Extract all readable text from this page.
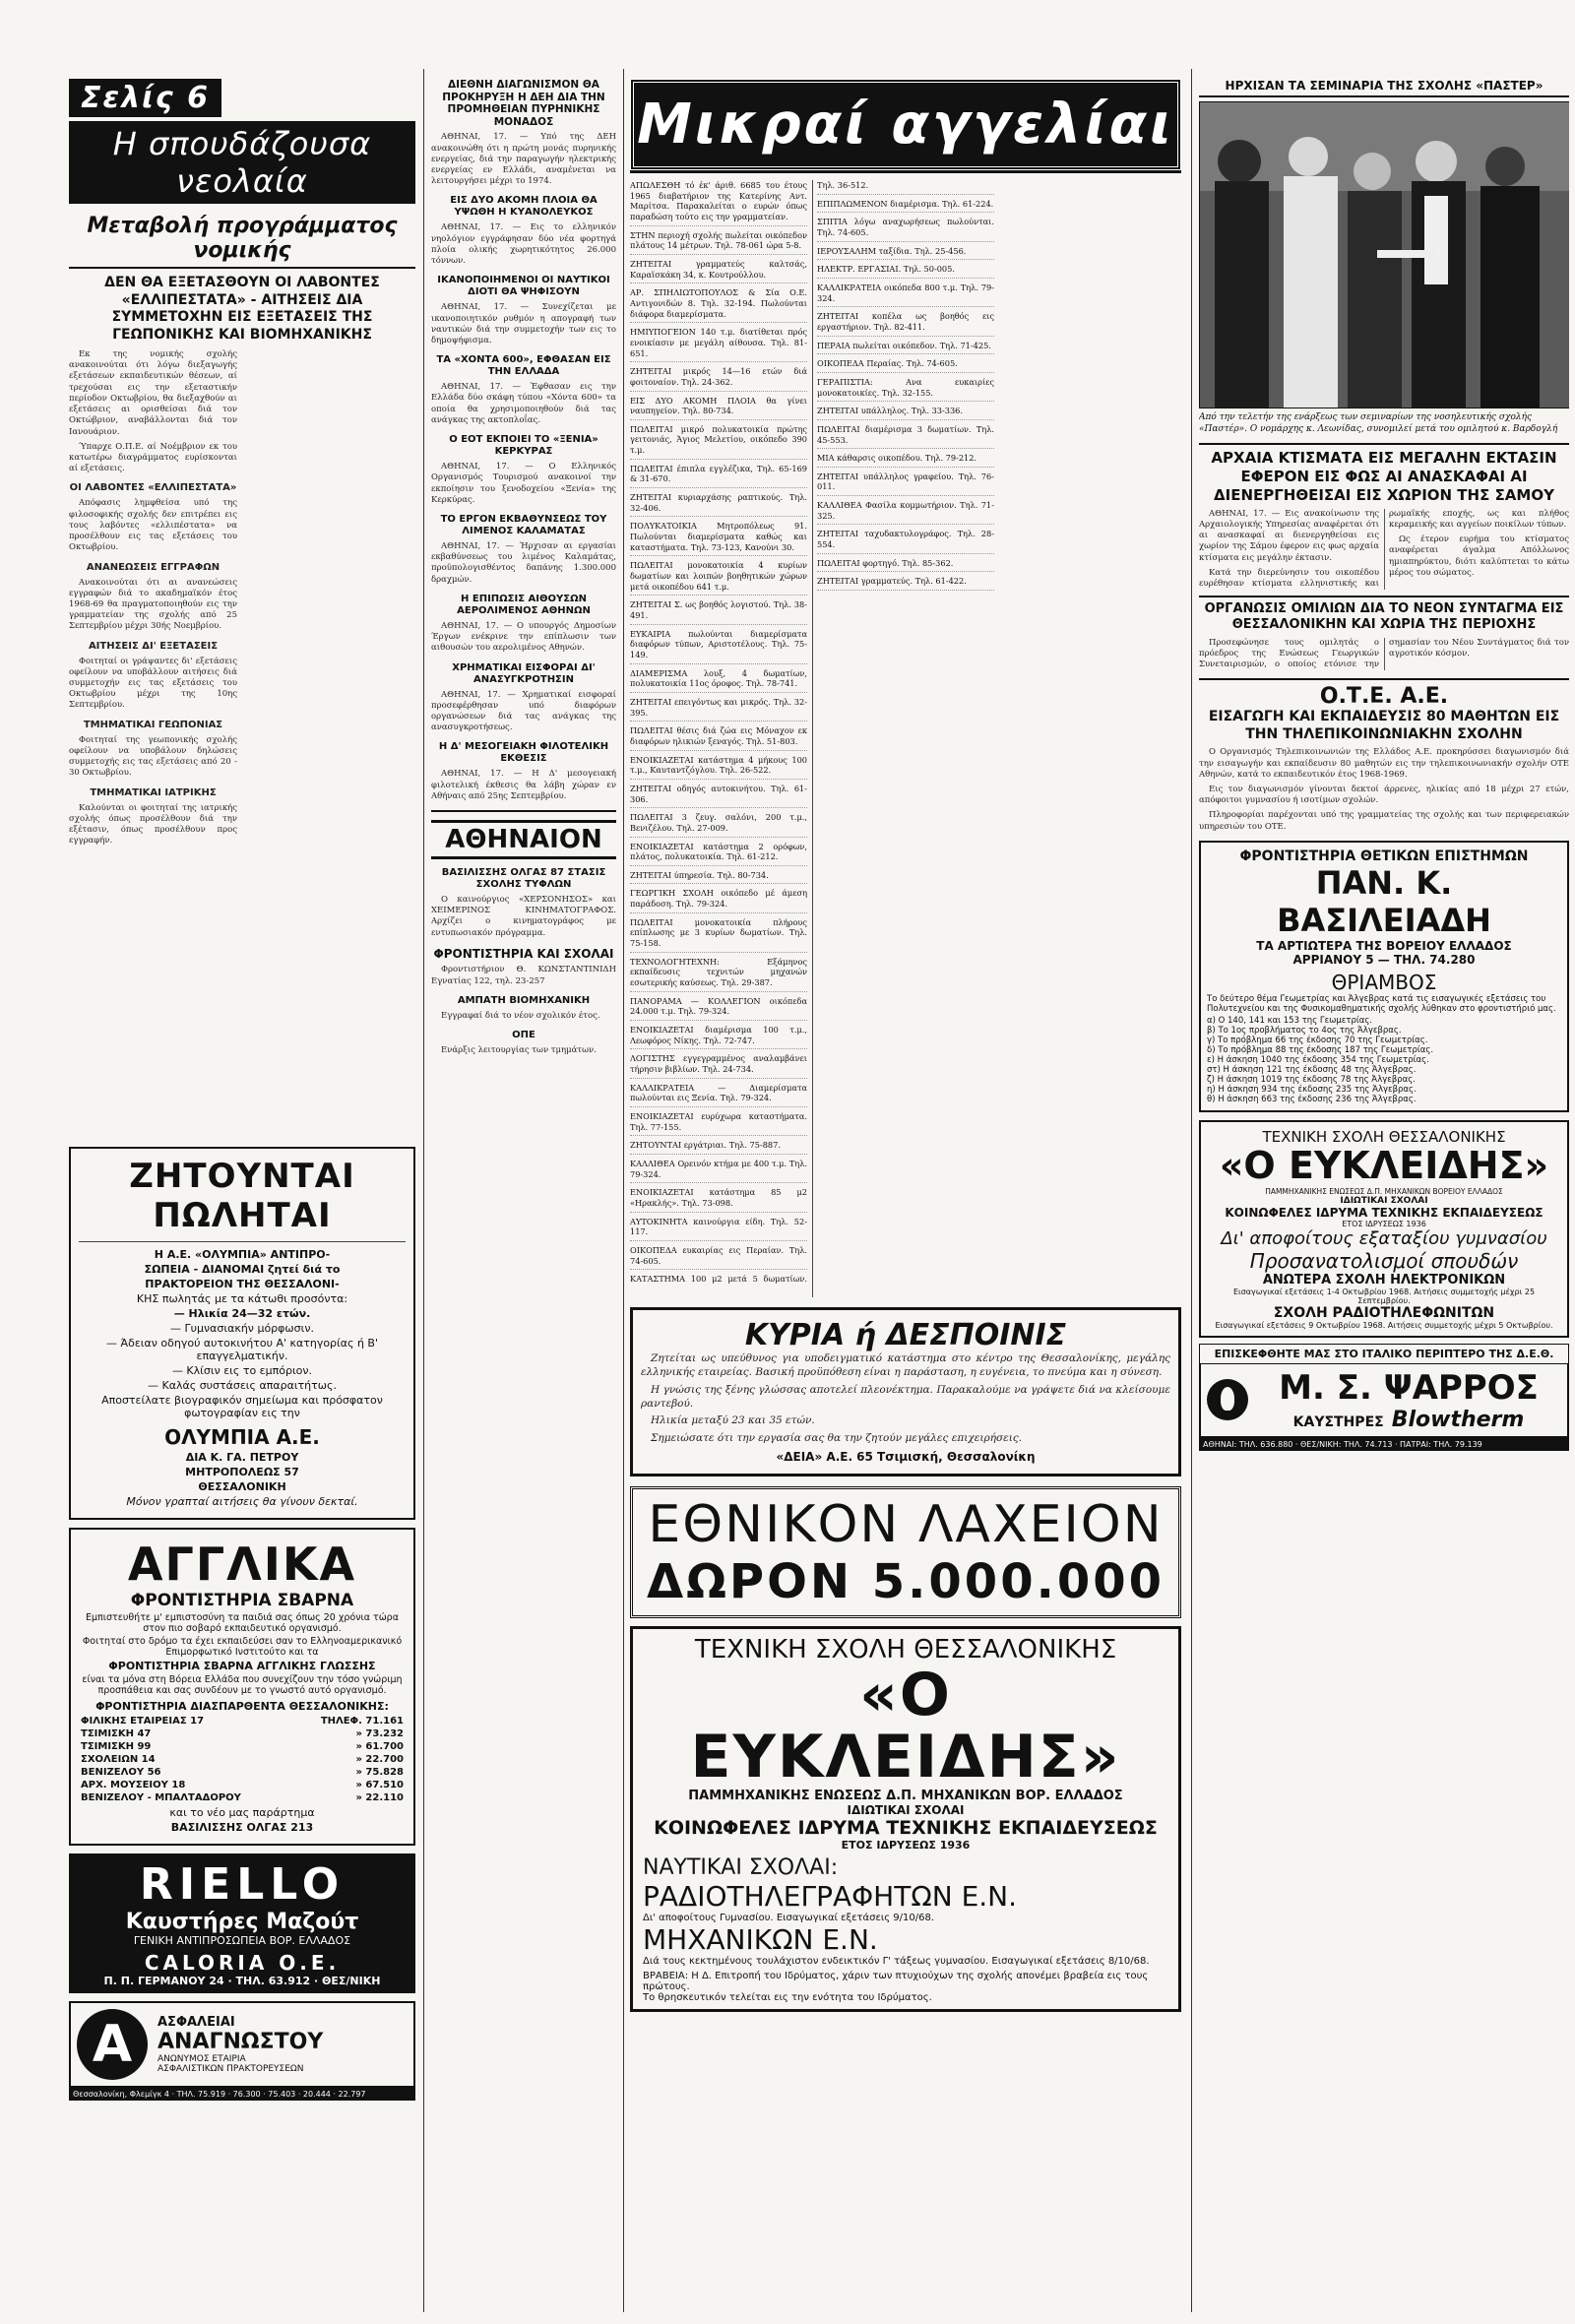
Σελίς 6
Η σπουδάζουσα νεολαία
Μεταβολή προγράμματος νομικής
ΔΕΝ ΘΑ ΕΞΕΤΑΣΘΟΥΝ ΟΙ ΛΑΒΟΝΤΕΣ «ΕΛΛΙΠΕΣΤΑΤΑ» - ΑΙΤΗΣΕΙΣ ΔΙΑ ΣΥΜΜΕΤΟΧΗΝ ΕΙΣ ΕΞΕΤΑΣΕΙΣ ΤΗΣ ΓΕΩΠΟΝΙΚΗΣ ΚΑΙ ΒΙΟΜΗΧΑΝΙΚΗΣ

Εκ της νομικής σχολής ανακοινούται ότι λόγω διεξαγωγής εξετάσεων εκπαιδευτικών θέσεων, αί τρεχούσαι εις την εξεταστικήν περίοδον Οκτωβρίου, θα διεξαχθούν αι εξετάσεις αι ορισθείσαι διά τον Οκτώβριον, αναβάλλονται διά τον Ιανουάριον.

Ύπαρχε Ο.Π.Ε. αί Νοέμβριον εκ του κατωτέρω διαγράμματος ευρίσκονται αί εξετάσεις.

ΟΙ ΛΑΒΟΝΤΕΣ «ΕΛΛΙΠΕΣΤΑΤΑ»

Απόφασις λημφθείσα υπό της φιλοσοφικής σχολής δεν επιτρέπει εις τους λαβόντες «ελλιπέστατα» να προσέλθουν εις τας εξετάσεις του Οκτωβρίου.

ΑΝΑΝΕΩΣΕΙΣ ΕΓΓΡΑΦΩΝ

Ανακοινούται ότι αι ανανεώσεις εγγραφών διά το ακαδημαϊκόν έτος 1968-69 θα πραγματοποιηθούν εις την γραμματείαν της σχολής από 25 Σεπτεμβρίου μέχρι 30ής Νοεμβρίου.

ΑΙΤΗΣΕΙΣ ΔΙ' ΕΞΕΤΑΣΕΙΣ

Φοιτηταί οι γράψαντες δι' εξετάσεις οφείλουν να υποβάλλουν αιτήσεις διά συμμετοχήν εις τας εξετάσεις του Οκτωβρίου μέχρι της 10ης Σεπτεμβρίου.

ΤΜΗΜΑΤΙΚΑΙ ΓΕΩΠΟΝΙΑΣ

Φοιτηταί της γεωπονικής σχολής οφείλουν να υποβάλουν δηλώσεις συμμετοχής εις τας εξετάσεις από 20 - 30 Οκτωβρίου.

ΤΜΗΜΑΤΙΚΑΙ ΙΑΤΡΙΚΗΣ

Καλούνται οι φοιτηταί της ιατρικής σχολής όπως προσέλθουν διά την εξέτασιν, όπως προσέλθουν προς εγγραφήν.

ΖΗΤΟΥΝΤΑΙ ΠΩΛΗΤΑΙ
Η Α.Ε. «ΟΛΥΜΠΙΑ» ΑΝΤΙΠΡΟ-
ΣΩΠΕΙΑ - ΔΙΑΝΟΜΑΙ ζητεί διά το
ΠΡΑΚΤΟΡΕΙΟΝ ΤΗΣ ΘΕΣΣΑΛΟΝΙ-
ΚΗΣ πωλητάς με τα κάτωθι προσόντα:
— Ηλικία 24—32 ετών.
— Γυμνασιακήν μόρφωσιν.
— Άδειαν οδηγού αυτοκινήτου Α' κατηγορίας ή Β' επαγγελματικήν.
— Κλίσιν εις το εμπόριον.
— Καλάς συστάσεις απαραιτήτως.
Αποστείλατε βιογραφικόν σημείωμα και πρόσφατον φωτογραφίαν εις την
ΟΛΥΜΠΙΑ Α.Ε.
ΔΙΑ Κ. ΓΑ. ΠΕΤΡΟΥ
ΜΗΤΡΟΠΟΛΕΩΣ 57
ΘΕΣΣΑΛΟΝΙΚΗ
Μόνον γραπταί αιτήσεις θα γίνουν δεκταί.
ΑΓΓΛΙΚΑ
ΦΡΟΝΤΙΣΤΗΡΙΑ ΣΒΑΡΝΑ
Εμπιστευθήτε μ' εμπιστοσύνη τα παιδιά σας όπως 20 χρόνια τώρα στον πιο σοβαρό εκπαιδευτικό οργανισμό.
Φοιτηταί στο δρόμο τα έχει εκπαιδεύσει σαν το Ελληνοαμερικανικό Επιμορφωτικό Ινστιτούτο και τα
ΦΡΟΝΤΙΣΤΗΡΙΑ ΣΒΑΡΝΑ ΑΓΓΛΙΚΗΣ ΓΛΩΣΣΗΣ
είναι τα μόνα στη Βόρεια Ελλάδα που συνεχίζουν την τόσο γνώριμη προσπάθεια και σας συνδέουν με το γνωστό αυτό οργανισμό.
ΦΡΟΝΤΙΣΤΗΡΙΑ ΔΙΑΣΠΑΡΘΕΝΤΑ ΘΕΣΣΑΛΟΝΙΚΗΣ:
ΦΙΛΙΚΗΣ ΕΤΑΙΡΕΙΑΣ 17	ΤΗΛΕΦ. 71.161
ΤΣΙΜΙΣΚΗ 47	» 73.232
ΤΣΙΜΙΣΚΗ 99	» 61.700
ΣΧΟΛΕΙΩΝ 14	» 22.700
ΒΕΝΙΖΕΛΟΥ 56	» 75.828
ΑΡΧ. ΜΟΥΣΕΙΟΥ 18	» 67.510
ΒΕΝΙΖΕΛΟΥ - ΜΠΑΛΤΑΔΟΡΟΥ	» 22.110
και το νέο μας παράρτημα
ΒΑΣΙΛΙΣΣΗΣ ΟΛΓΑΣ 213
RIELLO
Καυστήρες Μαζούτ
ΓΕΝΙΚΗ ΑΝΤΙΠΡΟΣΩΠΕΙΑ ΒΟΡ. ΕΛΛΑΔΟΣ
CALORIA Ο.Ε.
Π. Π. ΓΕΡΜΑΝΟΥ 24 · ΤΗΛ. 63.912 · ΘΕΣ/ΝΙΚΗ
Α	ΑΣΦΑΛΕΙΑΙ
ΑΝΑΓΝΩΣΤΟΥ
ΑΝΩΝΥΜΟΣ ΕΤΑΙΡΙΑ
ΑΣΦΑΛΙΣΤΙΚΩΝ ΠΡΑΚΤΟΡΕΥΣΕΩΝ
Θεσσαλονίκη, Φλεμίγκ 4 · ΤΗΛ. 75.919 · 76.300 · 75.403 · 20.444 · 22.797
ΔΙΕΘΝΗ ΔΙΑΓΩΝΙΣΜΟΝ ΘΑ ΠΡΟΚΗΡΥΞΗ Η ΔΕΗ ΔΙΑ ΤΗΝ ΠΡΟΜΗΘΕΙΑΝ ΠΥΡΗΝΙΚΗΣ ΜΟΝΑΔΟΣ

ΑΘΗΝΑΙ, 17. — Υπό της ΔΕΗ ανακοινώθη ότι η πρώτη μονάς πυρηνικής ενεργείας, διά την παραγωγήν ηλεκτρικής ενεργείας εν Ελλάδι, αναμένεται να λειτουργήσει μέχρι το 1974.

ΕΙΣ ΔΥΟ ΑΚΟΜΗ ΠΛΟΙΑ ΘΑ ΥΨΩΘΗ Η ΚΥΑΝΟΛΕΥΚΟΣ

ΑΘΗΝΑΙ, 17. — Εις το ελληνικόν νηολόγιον εγγράφησαν δύο νέα φορτηγά πλοία ολικής χωρητικότητος 26.000 τόννων.

ΙΚΑΝΟΠΟΙΗΜΕΝΟΙ ΟΙ ΝΑΥΤΙΚΟΙ ΔΙΟΤΙ ΘΑ ΨΗΦΙΣΟΥΝ

ΑΘΗΝΑΙ, 17. — Συνεχίζεται με ικανοποιητικόν ρυθμόν η απογραφή των ναυτικών διά την συμμετοχήν των εις το δημοψήφισμα.

ΤΑ «ΧΟΝΤΑ 600», ΕΦΘΑΣΑΝ ΕΙΣ ΤΗΝ ΕΛΛΑΔΑ

ΑΘΗΝΑΙ, 17. — Έφθασαν εις την Ελλάδα δύο σκάφη τύπου «Χόντα 600» τα οποία θα χρησιμοποιηθούν διά τας ανάγκας της ακτοπλοΐας.

Ο ΕΟΤ ΕΚΠΟΙΕΙ ΤΟ «ΞΕΝΙΑ» ΚΕΡΚΥΡΑΣ

ΑΘΗΝΑΙ, 17. — Ο Ελληνικός Οργανισμός Τουρισμού ανακοινοί την εκποίησιν του ξενοδοχείου «Ξενία» της Κερκύρας.

ΤΟ ΕΡΓΟΝ ΕΚΒΑΘΥΝΣΕΩΣ ΤΟΥ ΛΙΜΕΝΟΣ ΚΑΛΑΜΑΤΑΣ

ΑΘΗΝΑΙ, 17. — Ήρχισαν αι εργασίαι εκβαθύνσεως του λιμένος Καλαμάτας, προϋπολογισθέντος δαπάνης 1.300.000 δραχμών.

Η ΕΠΙΠΩΣΙΣ ΑΙΘΟΥΣΩΝ ΑΕΡΟΛΙΜΕΝΟΣ ΑΘΗΝΩΝ

ΑΘΗΝΑΙ, 17. — Ο υπουργός Δημοσίων Έργων ενέκρινε την επίπλωσιν των αιθουσών του αερολιμένος Αθηνών.

ΧΡΗΜΑΤΙΚΑΙ ΕΙΣΦΟΡΑΙ ΔΙ' ΑΝΑΣΥΓΚΡΟΤΗΣΙΝ

ΑΘΗΝΑΙ, 17. — Χρηματικαί εισφοραί προσεφέρθησαν υπό διαφόρων οργανώσεων διά τας ανάγκας της ανασυγκροτήσεως.

Η Δ' ΜΕΣΟΓΕΙΑΚΗ ΦΙΛΟΤΕΛΙΚΗ ΕΚΘΕΣΙΣ

ΑΘΗΝΑΙ, 17. — Η Δ' μεσογειακή φιλοτελική έκθεσις θα λάβη χώραν εν Αθήναις από 25ης Σεπτεμβρίου.

ΑΘΗΝΑΙΟΝ
ΒΑΣΙΛΙΣΣΗΣ ΟΛΓΑΣ 87 ΣΤΑΣΙΣ ΣΧΟΛΗΣ ΤΥΦΛΩΝ

Ο καινούργιος «ΧΕΡΣΟΝΗΣΟΣ» και ΧΕΙΜΕΡΙΝΟΣ ΚΙΝΗΜΑΤΟΓΡΑΦΟΣ. Αρχίζει ο κινηματογράφος με εντυπωσιακόν πρόγραμμα.

ΦΡΟΝΤΙΣΤΗΡΙΑ ΚΑΙ ΣΧΟΛΑΙ

Φροντιστήριον Θ. ΚΩΝΣΤΑΝΤΙΝΙΔΗ Εγνατίας 122, τηλ. 23-257

ΑΜΠΑΤΗ ΒΙΟΜΗΧΑΝΙΚΗ

Εγγραφαί διά το νέον σχολικόν έτος.

ΟΠΕ

Ενάρξις λειτουργίας των τμημάτων.

Μικραί αγγελίαι
ΑΠΩΛΕΣΘΗ τό έκ' άριθ. 6685 του έτους 1965 διαβατήριον της Κατερίνης Αντ. Μαρίτσα. Παρακαλείται ο ευρών όπως παραδώση τούτο εις την γραμματείαν.
ΣΤΗΝ περιοχή σχολής πωλείται οικόπεδον πλάτους 14 μέτρων. Τηλ. 78-061 ώρα 5-8.
ΖΗΤΕΙΤΑΙ γραμματεύς καλτσάς, Καραϊσκάκη 34, κ. Κουτρούλλου.
ΑΡ. ΣΠΗΛΙΩΤΟΠΟΥΛΟΣ & Σία Ο.Ε. Αντιγονιδών 8. Τηλ. 32-194. Πωλούνται διάφορα διαμερίσματα.
ΗΜΙΥΠΟΓΕΙΟΝ 140 τ.μ. διατίθεται πρός ενοικίασιν με μεγάλη αίθουσα. Τηλ. 81-651.
ΖΗΤΕΙΤΑΙ μικρός 14—16 ετών διά φοιτοναίον. Τηλ. 24-362.
ΕΙΣ ΔΥΟ ΑΚΟΜΗ ΠΛΟΙΑ θα γίνει ναυπηγείον. Τηλ. 80-734.
ΠΩΛΕΙΤΑΙ μικρό πολυκατοικία πρώτης γειτονιάς, Άγιος Μελετίου, οικόπεδο 390 τ.μ.
ΠΩΛΕΙΤΑΙ έπιπλα εγγλέζικα, Τηλ. 65-169 & 31-670.
ΖΗΤΕΙΤΑΙ κυριαρχάσης ραπτικούς. Τηλ. 32-406.
ΠΟΛΥΚΑΤΟΙΚΙΑ Μητροπόλεως 91. Πωλούνται διαμερίσματα καθώς και καταστήματα. Τηλ. 73-123, Κανούνι 30.
ΠΩΛΕΙΤΑΙ μονοκατοικία 4 κυρίων δωματίων και λοιπών βοηθητικών χώρων μετά οικοπέδου 641 τ.μ.
ΖΗΤΕΙΤΑΙ Σ. ως βοηθός λογιστού. Τηλ. 38-491.
ΕΥΚΑΙΡΙΑ πωλούνται διαμερίσματα διαφόρων τύπων, Αριστοτέλους. Τηλ. 75-149.
ΔΙΑΜΕΡΙΣΜΑ λουξ, 4 δωματίων, πολυκατοικία 11ος όροφος. Τηλ. 78-741.
ΖΗΤΕΙΤΑΙ επειγόντως και μικρός. Τηλ. 32-395.
ΠΩΛΕΙΤΑΙ θέσις διά ζώα εις Μόναχον εκ διαφόρων ηλικιών ξεναγός. Τηλ. 51-803.
ΕΝΟΙΚΙΑΖΕΤΑΙ κατάστημα 4 μήκους 100 τ.μ., Καυταντζόγλου. Τηλ. 26-522.
ΖΗΤΕΙΤΑΙ οδηγός αυτοκινήτου. Τηλ. 61-306.
ΠΩΛΕΙΤΑΙ 3 ζευγ. σαλόνι, 200 τ.μ., Βενιζέλου. Τηλ. 27-009.
ΕΝΟΙΚΙΑΖΕΤΑΙ κατάστημα 2 ορόφων, πλάτος, πολυκατοικία. Τηλ. 61-212.
ΖΗΤΕΙΤΑΙ ύπηρεσία. Τηλ. 80-734.
ΓΕΩΡΓΙΚΗ ΣΧΟΛΗ οικόπεδο μέ άμεση παράδοση. Τηλ. 79-324.
ΠΩΛΕΙΤΑΙ μονοκατοικία πλήρους επίπλωσης με 3 κυρίων δωματίων. Τηλ. 75-158.
ΤΕΧΝΟΛΟΓΗΤΕΧΝΗ: Εξάμηνος εκπαίδευσις τεχνιτών μηχανών εσωτερικής καύσεως. Τηλ. 29-387.
ΠΑΝΟΡΑΜΑ — ΚΟΛΛΕΓΙΟΝ οικόπεδα 24.000 τ.μ. Τηλ. 79-324.
ΕΝΟΙΚΙΑΖΕΤΑΙ διαμέρισμα 100 τ.μ., Λεωφόρος Νίκης. Τηλ. 72-747.
ΛΟΓΙΣΤΗΣ εγγεγραμμένος αναλαμβάνει τήρησιν βιβλίων. Τηλ. 24-734.
ΚΑΛΛΙΚΡΑΤΕΙΑ — Διαμερίσματα πωλούνται εις Ξενία. Τηλ. 79-324.
ΕΝΟΙΚΙΑΖΕΤΑΙ ευρύχωρα καταστήματα. Τηλ. 77-155.
ΖΗΤΟΥΝΤΑΙ εργάτριαι. Τηλ. 75-887.
ΚΑΛΛΙΘΕΑ Ορεινόν κτήμα με 400 τ.μ. Τηλ. 79-324.
ΕΝΟΙΚΙΑΖΕΤΑΙ κατάστημα 85 μ2 «Ηρακλής». Τηλ. 73-098.
ΑΥΤΟΚΙΝΗΤΑ καινούργια είδη. Τηλ. 52-117.
ΟΙΚΟΠΕΔΑ ευκαιρίας εις Περαίαν. Τηλ. 74-605.
ΚΑΤΑΣΤΗΜΑ 100 μ2 μετά 5 δωματίων. Τηλ. 36-512.
ΕΠΙΠΛΩΜΕΝΟΝ διαμέρισμα. Τηλ. 61-224.
ΣΠΙΤΙΑ λόγω αναχωρήσεως πωλούνται. Τηλ. 74-605.
ΙΕΡΟΥΣΑΛΗΜ ταξίδια. Τηλ. 25-456.
ΗΛΕΚΤΡ. ΕΡΓΑΣΙΑΙ. Τηλ. 50-005.
ΚΑΛΛΙΚΡΑΤΕΙΑ οικόπεδα 800 τ.μ. Τηλ. 79-324.
ΖΗΤΕΙΤΑΙ κοπέλα ως βοηθός εις εργαστήριον. Τηλ. 82-411.
ΠΕΡΑΙΑ πωλείται οικόπεδον. Τηλ. 71-425.
ΟΙΚΟΠΕΔΑ Περαίας. Τηλ. 74-605.
ΓΕΡΑΠΙΣΤΙΑ: Ανα ευκαιρίες μονοκατοικίες. Τηλ. 32-155.
ΖΗΤΕΙΤΑΙ υπάλληλος. Τηλ. 33-336.
ΠΩΛΕΙΤΑΙ διαμέρισμα 3 δωματίων. Τηλ. 45-553.
ΜΙΑ κάθαρσις οικοπέδου. Τηλ. 79-212.
ΖΗΤΕΙΤΑΙ υπάλληλος γραφείου. Τηλ. 76-011.
ΚΑΛΛΙΘΕΑ Φασίλα κομμωτήριον. Τηλ. 71-325.
ΖΗΤΕΙΤΑΙ ταχυδακτυλογράφος. Τηλ. 28-554.
ΠΩΛΕΙΤΑΙ φορτηγό. Τηλ. 85-362.
ΖΗΤΕΙΤΑΙ γραμματεύς. Τηλ. 61-422.
ΚΥΡΙΑ ή ΔΕΣΠΟΙΝΙΣ

Ζητείται ως υπεύθυνος για υποδειγματικό κατάστημα στο κέντρο της Θεσσαλονίκης, μεγάλης ελληνικής εταιρείας. Βασική προϋπόθεση είναι η παράσταση, η ευγένεια, το πνεύμα και η σύνεση.

Η γνώσις της ξένης γλώσσας αποτελεί πλεονέκτημα. Παρακαλούμε να γράψετε διά να κλείσουμε ραντεβού.

Ηλικία μεταξύ 23 και 35 ετών.

Σημειώσατε ότι την εργασία σας θα την ζητούν μεγάλες επιχειρήσεις.

«ΔΕΙΑ» Α.Ε. 65 Τσιμισκή, Θεσσαλονίκη
ΕΘΝΙΚΟΝ ΛΑΧΕΙΟΝ
ΔΩΡΟΝ 5.000.000
ΤΕΧΝΙΚΗ ΣΧΟΛΗ ΘΕΣΣΑΛΟΝΙΚΗΣ
«Ο ΕΥΚΛΕΙΔΗΣ»
ΠΑΜΜΗΧΑΝΙΚΗΣ ΕΝΩΣΕΩΣ Δ.Π. ΜΗΧΑΝΙΚΩΝ ΒΟΡ. ΕΛΛΑΔΟΣ
ΙΔΙΩΤΙΚΑΙ ΣΧΟΛΑΙ
ΚΟΙΝΩΦΕΛΕΣ ΙΔΡΥΜΑ ΤΕΧΝΙΚΗΣ ΕΚΠΑΙΔΕΥΣΕΩΣ
ΕΤΟΣ ΙΔΡΥΣΕΩΣ 1936
ΝΑΥΤΙΚΑΙ ΣΧΟΛΑΙ:
ΡΑΔΙΟΤΗΛΕΓΡΑΦΗΤΩΝ Ε.Ν.
Δι' αποφοίτους Γυμνασίου. Εισαγωγικαί εξετάσεις 9/10/68.
ΜΗΧΑΝΙΚΩΝ Ε.Ν.
Διά τους κεκτημένους τουλάχιστον ενδεικτικόν Γ' τάξεως γυμνασίου. Εισαγωγικαί εξετάσεις 8/10/68.
ΒΡΑΒΕΙΑ: Η Δ. Επιτροπή του Ιδρύματος, χάριν των πτυχιούχων της σχολής απονέμει βραβεία εις τους πρώτους.
Το θρησκευτικόν τελείται εις την ενότητα του Ιδρύματος.
ΗΡΧΙΣΑΝ ΤΑ ΣΕΜΙΝΑΡΙΑ ΤΗΣ ΣΧΟΛΗΣ «ΠΑΣΤΕΡ»
Από την τελετήν της ενάρξεως των σεμιναρίων της νοσηλευτικής σχολής «Παστέρ». Ο νομάρχης κ. Λεωνίδας, συνομιλεί μετά του ομιλητού κ. Βαρδογλή
ΑΡΧΑΙΑ ΚΤΙΣΜΑΤΑ ΕΙΣ ΜΕΓΑΛΗΝ ΕΚΤΑΣΙΝ ΕΦΕΡΟΝ ΕΙΣ ΦΩΣ ΑΙ ΑΝΑΣΚΑΦΑΙ ΑΙ ΔΙΕΝΕΡΓΗΘΕΙΣΑΙ ΕΙΣ ΧΩΡΙΟΝ ΤΗΣ ΣΑΜΟΥ

ΑΘΗΝΑΙ, 17. — Εις ανακοίνωσιν της Αρχαιολογικής Υπηρεσίας αναφέρεται ότι αι ανασκαφαί αι διενεργηθείσαι εις χωρίον της Σάμου έφερον εις φως αρχαία κτίσματα εις μεγάλην έκτασιν.

Κατά την διερεύνησιν του οικοπέδου ευρέθησαν κτίσματα ελληνιστικής και ρωμαϊκής εποχής, ως και πλήθος κεραμεικής και αγγείων ποικίλων τύπων.

Ως έτερον ευρήμα του κτίσματος αναφέρεται άγαλμα Απόλλωνος ημιαπηρύκτου, διότι καλύπτεται το κάτω μέρος του σώματος.

ΟΡΓΑΝΩΣΙΣ ΟΜΙΛΙΩΝ ΔΙΑ ΤΟ ΝΕΟΝ ΣΥΝΤΑΓΜΑ ΕΙΣ ΘΕΣΣΑΛΟΝΙΚΗΝ ΚΑΙ ΧΩΡΙΑ ΤΗΣ ΠΕΡΙΟΧΗΣ

Προσεφώνησε τους ομιλητάς ο πρόεδρος της Ενώσεως Γεωργικών Συνεταιρισμών, ο οποίος ετόνισε την σημασίαν του Νέου Συντάγματος διά τον αγροτικόν κόσμον.

Ο.Τ.Ε. Α.Ε.
ΕΙΣΑΓΩΓΗ ΚΑΙ ΕΚΠΑΙΔΕΥΣΙΣ 80 ΜΑΘΗΤΩΝ ΕΙΣ ΤΗΝ ΤΗΛΕΠΙΚΟΙΝΩΝΙΑΚΗΝ ΣΧΟΛΗΝ

Ο Οργανισμός Τηλεπικοινωνιών της Ελλάδος Α.Ε. προκηρύσσει διαγωνισμόν διά την εισαγωγήν και εκπαίδευσιν 80 μαθητών εις την τηλεπικοινωνιακήν σχολήν ΟΤΕ Αθηνών, κατά το εκπαιδευτικόν έτος 1968-1969.

Εις τον διαγωνισμόν γίνονται δεκτοί άρρενες, ηλικίας από 18 μέχρι 27 ετών, απόφοιτοι γυμνασίου ή ισοτίμων σχολών.

Πληροφορίαι παρέχονται υπό της γραμματείας της σχολής και των περιφερειακών υπηρεσιών του ΟΤΕ.

ΦΡΟΝΤΙΣΤΗΡΙΑ ΘΕΤΙΚΩΝ ΕΠΙΣΤΗΜΩΝ
ΠΑΝ. Κ. ΒΑΣΙΛΕΙΑΔΗ
ΤΑ ΑΡΤΙΩΤΕΡΑ ΤΗΣ ΒΟΡΕΙΟΥ ΕΛΛΑΔΟΣ
ΑΡΡΙΑΝΟΥ 5 — ΤΗΛ. 74.280
ΘΡΙΑΜΒΟΣ
Το δεύτερο θέμα Γεωμετρίας και Άλγεβρας κατά τις εισαγωγικές εξετάσεις του Πολυτεχνείου και της Φυσικομαθηματικής σχολής λύθηκαν στο φροντιστήριό μας.
α) Ο 140, 141 και 153 της Γεωμετρίας.
β) Το 1ος προβλήματος το 4ος της Άλγεβρας.
γ) Το πρόβλημα 66 της έκδοσης 70 της Γεωμετρίας.
δ) Το πρόβλημα 88 της έκδοσης 187 της Γεωμετρίας.
ε) Η άσκηση 1040 της έκδοσης 354 της Γεωμετρίας.
στ) Η άσκηση 121 της έκδοσης 48 της Άλγεβρας.
ζ) Η άσκηση 1019 της έκδοσης 78 της Άλγεβρας.
η) Η άσκηση 934 της έκδοσης 235 της Άλγεβρας.
θ) Η άσκηση 663 της έκδοσης 236 της Άλγεβρας.
ΤΕΧΝΙΚΗ ΣΧΟΛΗ ΘΕΣΣΑΛΟΝΙΚΗΣ
«Ο ΕΥΚΛΕΙΔΗΣ»
ΠΑΜΜΗΧΑΝΙΚΗΣ ΕΝΩΣΕΩΣ Δ.Π. ΜΗΧΑΝΙΚΩΝ ΒΟΡΕΙΟΥ ΕΛΛΑΔΟΣ
ΙΔΙΩΤΙΚΑΙ ΣΧΟΛΑΙ
ΚΟΙΝΩΦΕΛΕΣ ΙΔΡΥΜΑ ΤΕΧΝΙΚΗΣ ΕΚΠΑΙΔΕΥΣΕΩΣ
ΕΤΟΣ ΙΔΡΥΣΕΩΣ 1936
Δι' αποφοίτους εξαταξίου γυμνασίου
Προσανατολισμοί σπουδών
ΑΝΩΤΕΡΑ ΣΧΟΛΗ ΗΛΕΚΤΡΟΝΙΚΩΝ
Εισαγωγικαί εξετάσεις 1-4 Οκτωβρίου 1968. Αιτήσεις συμμετοχής μέχρι 25 Σεπτεμβρίου.
ΣΧΟΛΗ ΡΑΔΙΟΤΗΛΕΦΩΝΙΤΩΝ
Εισαγωγικαί εξετάσεις 9 Οκτωβρίου 1968. Αιτήσεις συμμετοχής μέχρι 5 Οκτωβρίου.
ΕΠΙΣΚΕΦΘΗΤΕ ΜΑΣ ΣΤΟ ΙΤΑΛΙΚΟ ΠΕΡΙΠΤΕΡΟ ΤΗΣ Δ.Ε.Θ.
Μ. Σ. ΨΑΡΡΟΣ
ΚΑΥΣΤΗΡΕΣ Blowtherm
ΑΘΗΝΑΙ: ΤΗΛ. 636.880 · ΘΕΣ/ΝΙΚΗ: ΤΗΛ. 74.713 · ΠΑΤΡΑΙ: ΤΗΛ. 79.139
